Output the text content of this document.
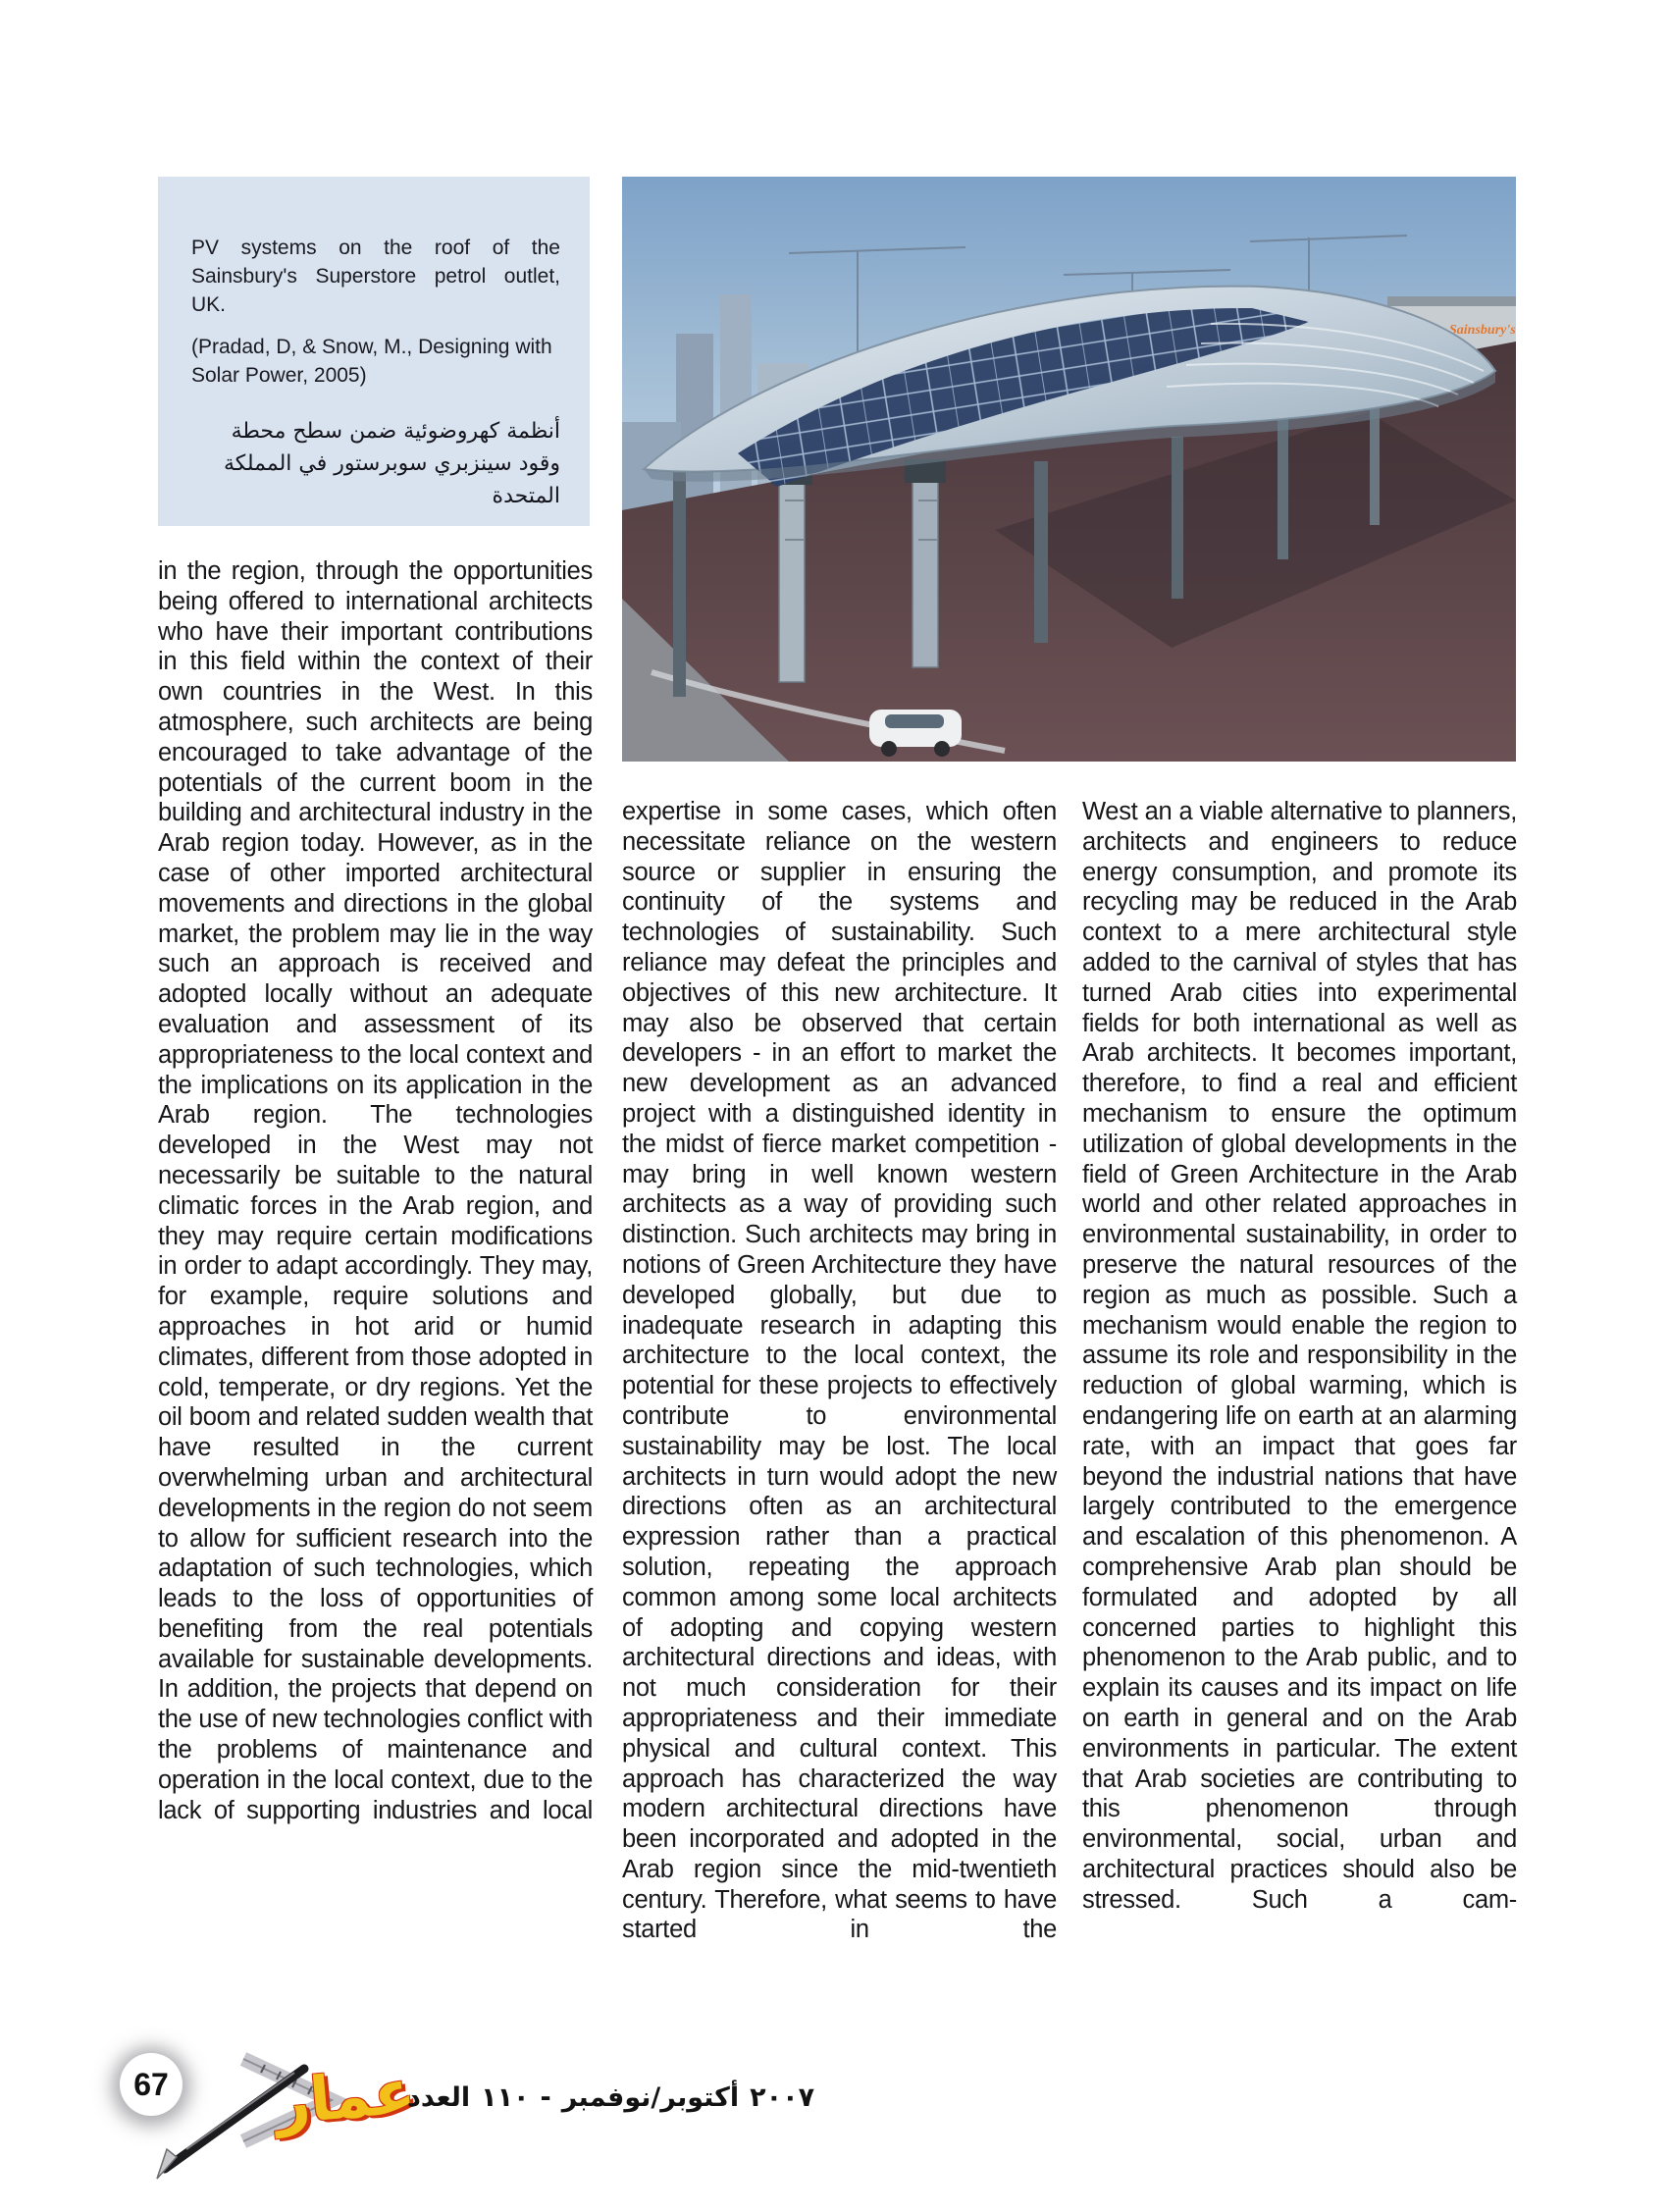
PV systems on the roof of the Sainsbury's Superstore petrol outlet, UK.

(Pradad, D, & Snow, M., Designing with Solar Power, 2005)

أنظمة كهروضوئية ضمن سطح محطة وقود سينزبري سوبرستور في المملكة المتحدة

Sainsbury's
in the region, through the opportunities being offered to international architects who have their important contributions in this field within the context of their own countries in the West. In this atmosphere, such architects are being encouraged to take advantage of the potentials of the current boom in the building and architectural industry in the Arab region today. However, as in the case of other imported architectural movements and directions in the global market, the problem may lie in the way such an approach is received and adopted locally without an adequate evaluation and assessment of its appropriateness to the local context and the implications on its application in the Arab region. The technologies developed in the West may not necessarily be suitable to the natural climatic forces in the Arab region, and they may require certain modifications in order to adapt accordingly. They may, for example, require solutions and approaches in hot arid or humid climates, different from those adopted in cold, temperate, or dry regions. Yet the oil boom and related sudden wealth that have resulted in the current overwhelming urban and architectural developments in the region do not seem to allow for sufficient research into the adaptation of such technologies, which leads to the loss of opportunities of benefiting from the real potentials available for sustainable developments. In addition, the projects that depend on the use of new technologies conflict with the problems of maintenance and operation in the local context, due to the lack of supporting industries and local
expertise in some cases, which often necessitate reliance on the western source or supplier in ensuring the continuity of the systems and technologies of sustainability. Such reliance may defeat the principles and objectives of this new architecture. It may also be observed that certain developers - in an effort to market the new development as an advanced project with a distinguished identity in the midst of fierce market competition - may bring in well known western architects as a way of providing such distinction. Such architects may bring in notions of Green Architecture they have developed globally, but due to inadequate research in adapting this architecture to the local context, the potential for these projects to effectively contribute to environmental sustainability may be lost. The local architects in turn would adopt the new directions often as an architectural expression rather than a practical solution, repeating the approach common among some local architects of adopting and copying western architectural directions and ideas, with not much consideration for their appropriateness and their immediate physical and cultural context. This approach has characterized the way modern architectural directions have been incorporated and adopted in the Arab region since the mid-twentieth century. Therefore, what seems to have started in the
West an a viable alternative to planners, architects and engineers to reduce energy consumption, and promote its recycling may be reduced in the Arab context to a mere architectural style added to the carnival of styles that has turned Arab cities into experimental fields for both international as well as Arab architects. It becomes important, therefore, to find a real and efficient mechanism to ensure the optimum utilization of global developments in the field of Green Architecture in the Arab world and other related approaches in environmental sustainability, in order to preserve the natural resources of the region as much as possible. Such a mechanism would enable the region to assume its role and responsibility in the reduction of global warming, which is endangering life on earth at an alarming rate, with an impact that goes far beyond the industrial nations that have largely contributed to the emergence and escalation of this phenomenon. A comprehensive Arab plan should be formulated and adopted by all concerned parties to highlight this phenomenon to the Arab public, and to explain its causes and its impact on life on earth in general and on the Arab environments in particular. The extent that Arab societies are contributing to this phenomenon through environmental, social, urban and architectural practices should also be stressed. Such a cam-
67 عمار
العدد ١١٠ - أكتوبر/نوفمبر ٢٠٠٧
